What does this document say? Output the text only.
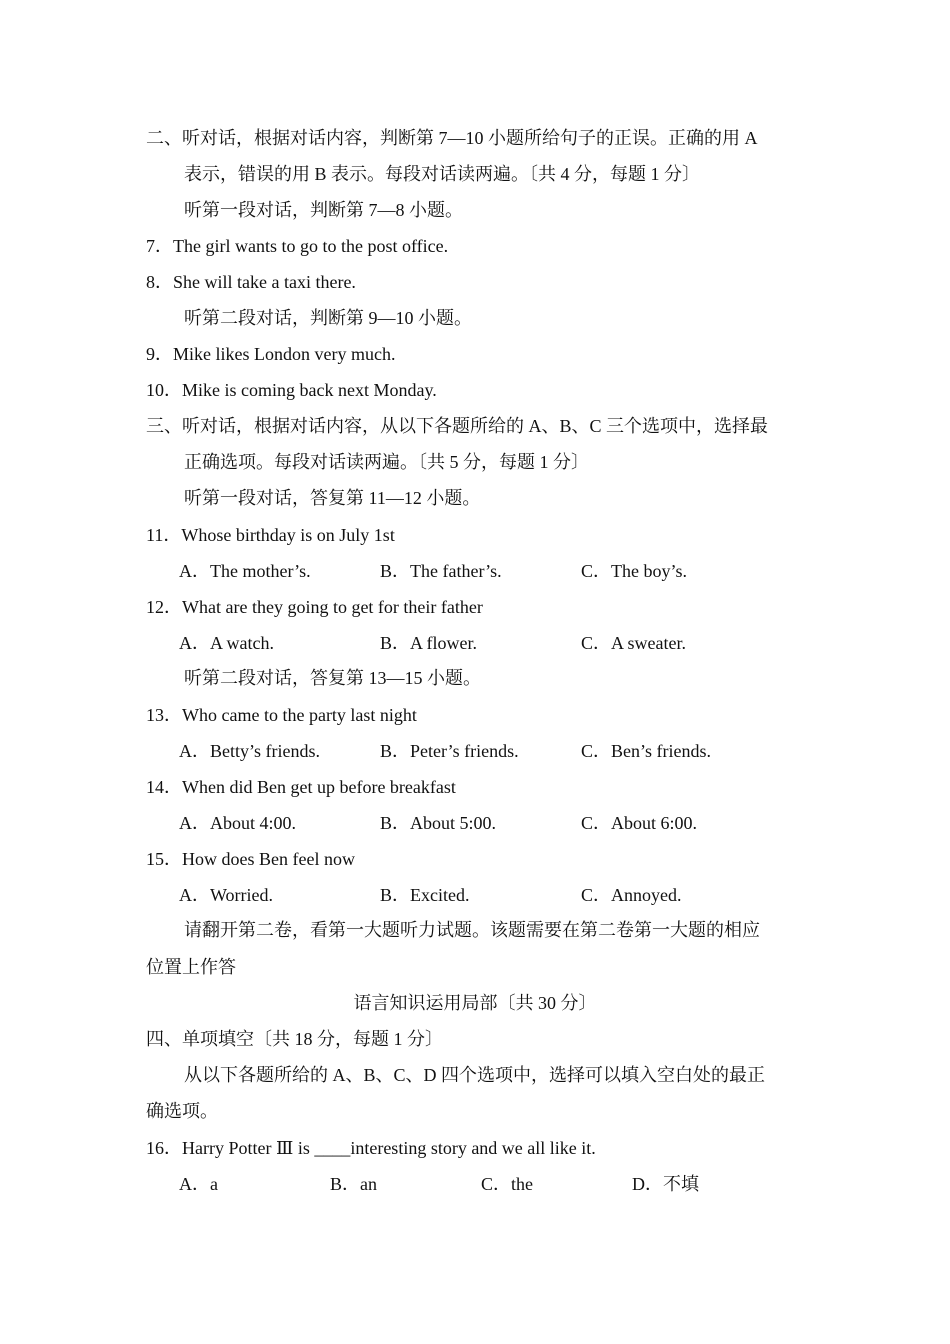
二、听对话，根据对话内容，判断第 7—10 小题所给句子的正误。正确的用 A
表示，错误的用 B 表示。每段对话读两遍。〔共 4 分，每题 1 分〕
听第一段对话，判断第 7—8 小题。
7．The girl wants to go to the post office.
8．She will take a taxi there.
听第二段对话，判断第 9—10 小题。
9．Mike likes London very much.
10．Mike is coming back next Monday.
三、听对话，根据对话内容，从以下各题所给的 A、B、C 三个选项中，选择最
正确选项。每段对话读两遍。〔共 5 分，每题 1 分〕
听第一段对话，答复第 11—12 小题。
11．Whose birthday is on July 1st
A．The mother’s.	B．The father’s.	C．The boy’s.
12．What are they going to get for their father
A．A watch.	B．A flower.	C．A sweater.
听第二段对话，答复第 13—15 小题。
13．Who came to the party last night
A．Betty’s friends.	B．Peter’s friends.	C．Ben’s friends.
14．When did Ben get up before breakfast
A．About 4:00.	B．About 5:00.	C．About 6:00.
15．How does Ben feel now
A．Worried.	B．Excited.	C．Annoyed.
请翻开第二卷，看第一大题听力试题。该题需要在第二卷第一大题的相应
位置上作答
语言知识运用局部〔共 30 分〕
四、单项填空〔共 18 分，每题 1 分〕
从以下各题所给的 A、B、C、D 四个选项中，选择可以填入空白处的最正
确选项。
16．Harry Potter Ⅲ is ____interesting story and we all like it.
A．a	B．an	C．the	D．不填
